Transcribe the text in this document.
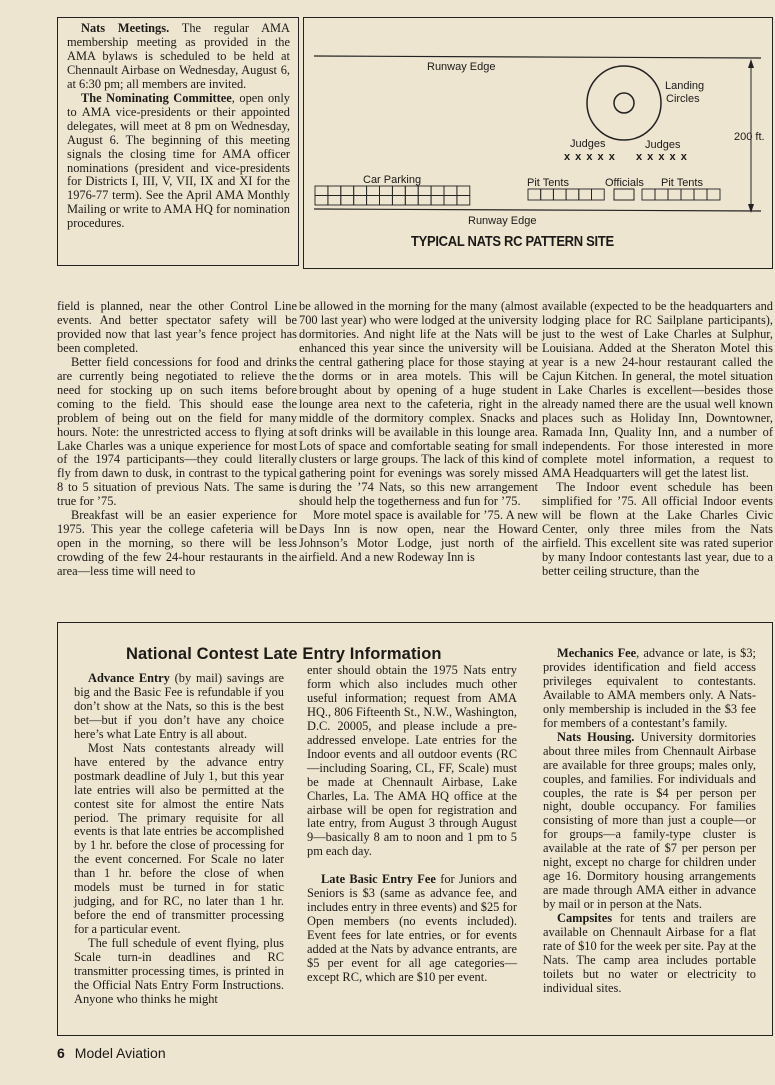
Nats Meetings. The regular AMA membership meeting as provided in the AMA bylaws is scheduled to be held at Chennault Airbase on Wednesday, August 6, at 6:30 pm; all members are invited.

The Nominating Committee, open only to AMA vice-presidents or their appointed delegates, will meet at 8 pm on Wednesday, August 6. The beginning of this meeting signals the closing time for AMA officer nominations (president and vice-presidents for Districts I, III, V, VII, IX and XI for the 1976-77 term). See the April AMA Monthly Mailing or write to AMA HQ for nomination procedures.

Runway Edge
Runway Edge
Landing
Circles
200 ft.
Judges	Judges
x x x x x x x x x x
Car Parking	Pit Tents	Officials Pit Tents
TYPICAL NATS RC PATTERN SITE

field is planned, near the other Control Line events. And better spectator safety will be provided now that last year’s fence project has been completed.

Better field concessions for food and drinks are currently being negotiated to relieve the need for stocking up on such items before coming to the field. This should ease the problem of being out on the field for many hours. Note: the unrestricted access to flying at Lake Charles was a unique experience for most of the 1974 participants—they could literally fly from dawn to dusk, in contrast to the typical 8 to 5 situation of previous Nats. The same is true for ’75.

Breakfast will be an easier experience for 1975. This year the college cafeteria will be open in the morning, so there will be less crowding of the few 24-hour restaurants in the area—less time will need to

be allowed in the morning for the many (almost 700 last year) who were lodged at the university dormitories. And night life at the Nats will be enhanced this year since the university will be the central gathering place for those staying at the dorms or in area motels. This will be brought about by opening of a huge student lounge area next to the cafeteria, right in the middle of the dormitory complex. Snacks and soft drinks will be available in this lounge area. Lots of space and comfortable seating for small clusters or large groups. The lack of this kind of gathering point for evenings was sorely missed during the ’74 Nats, so this new arrangement should help the togetherness and fun for ’75.

More motel space is available for ’75. A new Days Inn is now open, near the Howard Johnson’s Motor Lodge, just north of the airfield. And a new Rodeway Inn is

available (expected to be the headquarters and lodging place for RC Sailplane participants), just to the west of Lake Charles at Sulphur, Louisiana. Added at the Sheraton Motel this year is a new 24-hour restaurant called the Cajun Kitchen. In general, the motel situation in Lake Charles is excellent—besides those already named there are the usual well known places such as Holiday Inn, Downtowner, Ramada Inn, Quality Inn, and a number of independents. For those interested in more complete motel information, a request to AMA Headquarters will get the latest list.

The Indoor event schedule has been simplified for ’75. All official Indoor events will be flown at the Lake Charles Civic Center, only three miles from the Nats airfield. This excellent site was rated superior by many Indoor contestants last year, due to a better ceiling structure, than the

National Contest Late Entry Information

Advance Entry (by mail) savings are big and the Basic Fee is refundable if you don’t show at the Nats, so this is the best bet—but if you don’t have any choice here’s what Late Entry is all about.

Most Nats contestants already will have entered by the advance entry postmark deadline of July 1, but this year late entries will also be permitted at the contest site for almost the entire Nats period. The primary requisite for all events is that late entries be accomplished by 1 hr. before the close of processing for the event concerned. For Scale no later than 1 hr. before the close of when models must be turned in for static judging, and for RC, no later than 1 hr. before the end of transmitter processing for a particular event.

The full schedule of event flying, plus Scale turn-in deadlines and RC transmitter processing times, is printed in the Official Nats Entry Form Instructions. Anyone who thinks he might

enter should obtain the 1975 Nats entry form which also includes much other useful information; request from AMA HQ., 806 Fifteenth St., N.W., Washington, D.C. 20005, and please include a pre-addressed envelope. Late entries for the Indoor events and all outdoor events (RC—including Soaring, CL, FF, Scale) must be made at Chennault Airbase, Lake Charles, La. The AMA HQ office at the airbase will be open for registration and late entry, from August 3 through August 9—basically 8 am to noon and 1 pm to 5 pm each day.

Late Basic Entry Fee for Juniors and Seniors is $3 (same as advance fee, and includes entry in three events) and $25 for Open members (no events included). Event fees for late entries, or for events added at the Nats by advance entrants, are $5 per event for all age categories—except RC, which are $10 per event.

Mechanics Fee, advance or late, is $3; provides identification and field access privileges equivalent to contestants. Available to AMA members only. A Nats-only membership is included in the $3 fee for members of a contestant’s family.

Nats Housing. University dormitories about three miles from Chennault Airbase are available for three groups; males only, couples, and families. For individuals and couples, the rate is $4 per person per night, double occupancy. For families consisting of more than just a couple—or for groups—a family-type cluster is available at the rate of $7 per person per night, except no charge for children under age 16. Dormitory housing arrangements are made through AMA either in advance by mail or in person at the Nats.

Campsites for tents and trailers are available on Chennault Airbase for a flat rate of $10 for the week per site. Pay at the Nats. The camp area includes portable toilets but no water or electricity to individual sites.

6 Model Aviation
